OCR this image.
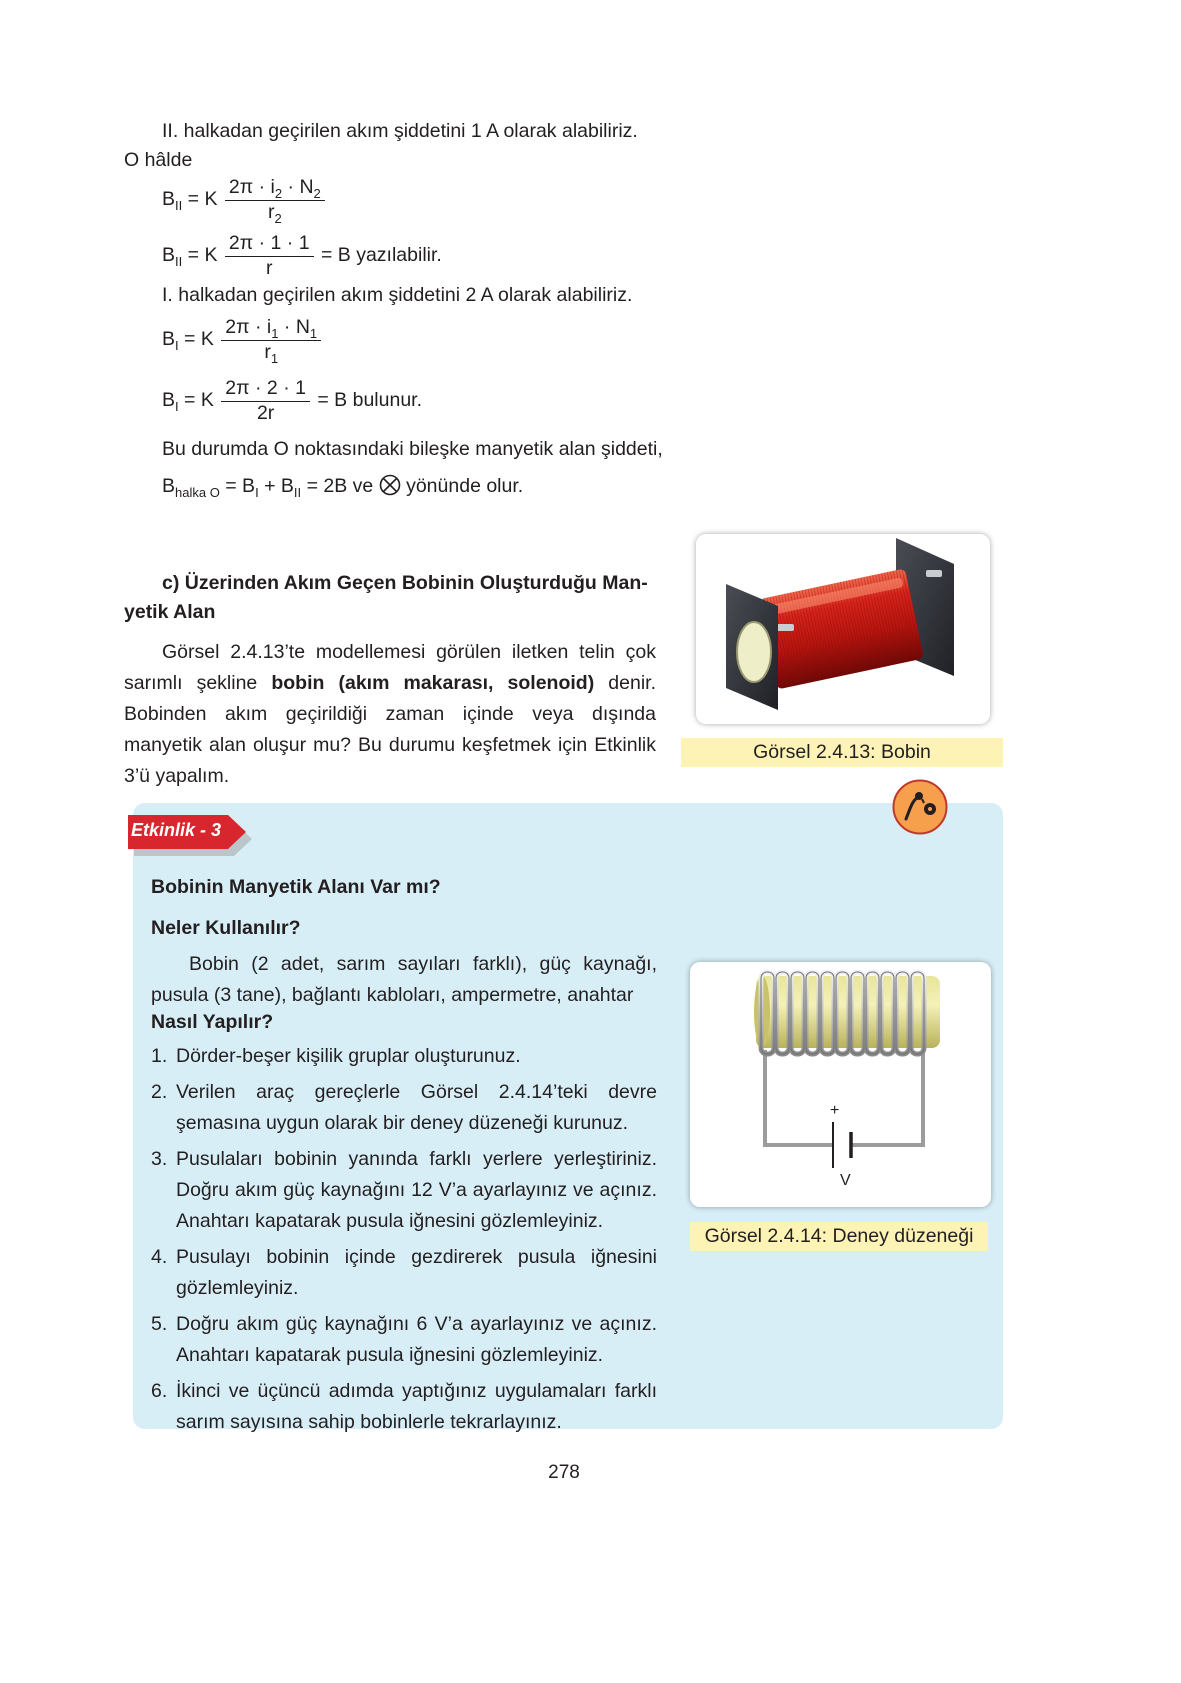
II. halkadan geçirilen akım şiddetini 1 A olarak alabiliriz.
O hâlde
$B_{II} = K \frac{2\pi \cdot i_2 \cdot N_2}{r_2}$
$B_{II} = K \frac{2\pi \cdot 1 \cdot 1}{r} = B$ yazılabilir.
I. halkadan geçirilen akım şiddetini 2 A olarak alabiliriz.
$B_I = K \frac{2\pi \cdot i_1 \cdot N_1}{r_1}$
$B_I = K \frac{2\pi \cdot 2 \cdot 1}{2r} = B$ bulunur.
Bu durumda O noktasındaki bileşke manyetik alan şiddeti,
$B_{halka O} = B_I + B_{II} = 2B$ ve  yönünde olur.
c) Üzerinden Akım Geçen Bobinin Oluşturduğu Man-
yetik Alan
Görsel 2.4.13’te modellemesi görülen iletken telin çok sarımlı şekline bobin (akım makarası, solenoid) denir. Bobinden akım geçirildiği zaman içinde veya dışında manyetik alan oluşur mu? Bu durumu keşfetmek için Etkinlik 3’ü yapalım.
Görsel 2.4.13: Bobin
Etkinlik - 3
Bobinin Manyetik Alanı Var mı?
Neler Kullanılır?
Bobin (2 adet, sarım sayıları farklı), güç kaynağı, pusula (3 tane), bağlantı kabloları, ampermetre, anahtar
Nasıl Yapılır?
1. Dörder-beşer kişilik gruplar oluşturunuz.
2. Verilen araç gereçlerle Görsel 2.4.14’teki devre şemasına uygun olarak bir deney düzeneği kurunuz.
3. Pusulaları bobinin yanında farklı yerlere yerleştiriniz. Doğru akım güç kaynağını 12 V’a ayarlayınız ve açınız. Anahtarı kapatarak pusula iğnesini gözlemleyiniz.
4. Pusulayı bobinin içinde gezdirerek pusula iğnesini gözlemleyiniz.
5. Doğru akım güç kaynağını 6 V’a ayarlayınız ve açınız. Anahtarı kapatarak pusula iğnesini gözlemleyiniz.
6. İkinci ve üçüncü adımda yaptığınız uygulamaları farklı sarım sayısına sahip bobinlerle tekrarlayınız.
+
V
Görsel 2.4.14: Deney düzeneği
278
